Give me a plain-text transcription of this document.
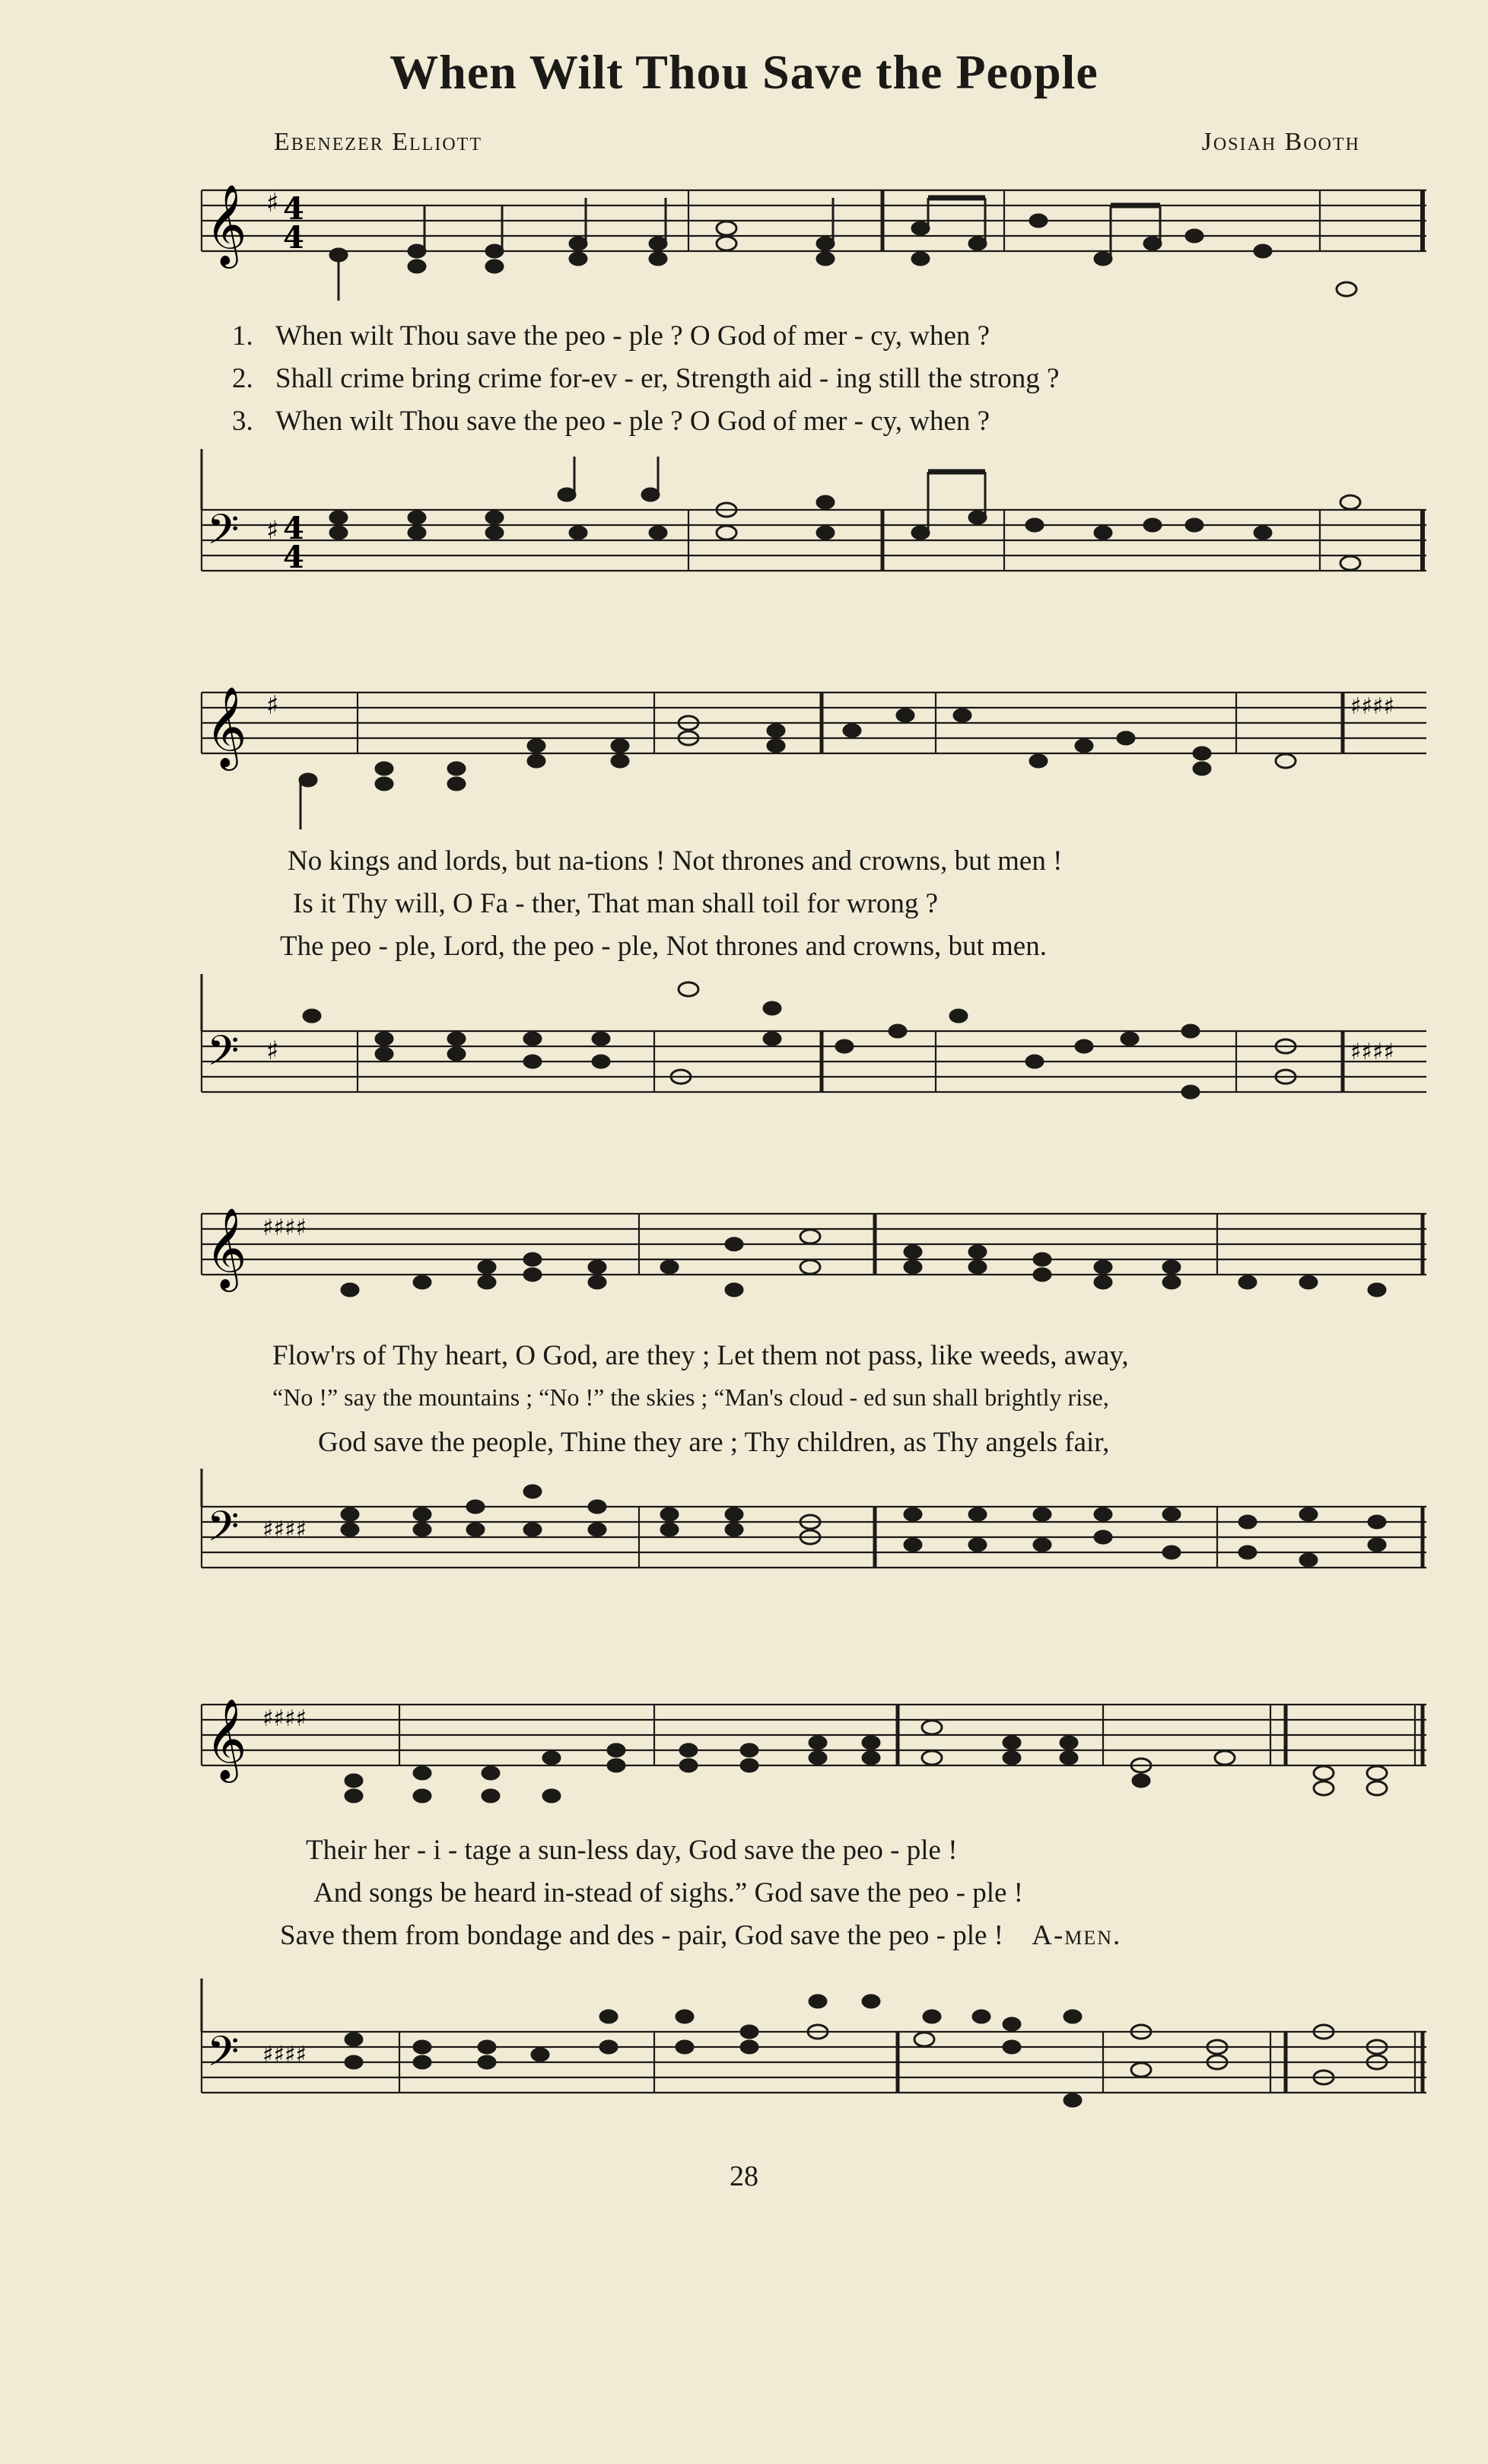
When Wilt Thou Save the People
Ebenezer Elliott	Josiah Booth
𝄞 ♯ 4
4
1. When wilt Thou save the peo - ple ? O God of mer - cy, when ?
2. Shall crime bring crime for-ev - er, Strength aid - ing still the strong ?
3. When wilt Thou save the peo - ple ? O God of mer - cy, when ?
𝄢 ♯ 4
4
𝄞 ♯	♯♯♯♯
No kings and lords, but na-tions ! Not thrones and crowns, but men !
Is it Thy will, O Fa - ther, That man shall toil for wrong ?
The peo - ple, Lord, the peo - ple, Not thrones and crowns, but men.
𝄢 ♯	♯♯♯♯
𝄞 ♯♯♯♯
Flow'rs of Thy heart, O God, are they ; Let them not pass, like weeds, away,
“No !” say the mountains ; “No !” the skies ; “Man's cloud - ed sun shall brightly rise,
God save the people, Thine they are ; Thy children, as Thy angels fair,
𝄢 ♯♯♯♯
𝄞 ♯♯♯♯
Their her - i - tage a sun-less day, God save the peo - ple !
And songs be heard in-stead of sighs.” God save the peo - ple !
Save them from bondage and des - pair, God save the peo - ple ! A-men.
𝄢 ♯♯♯♯
28
